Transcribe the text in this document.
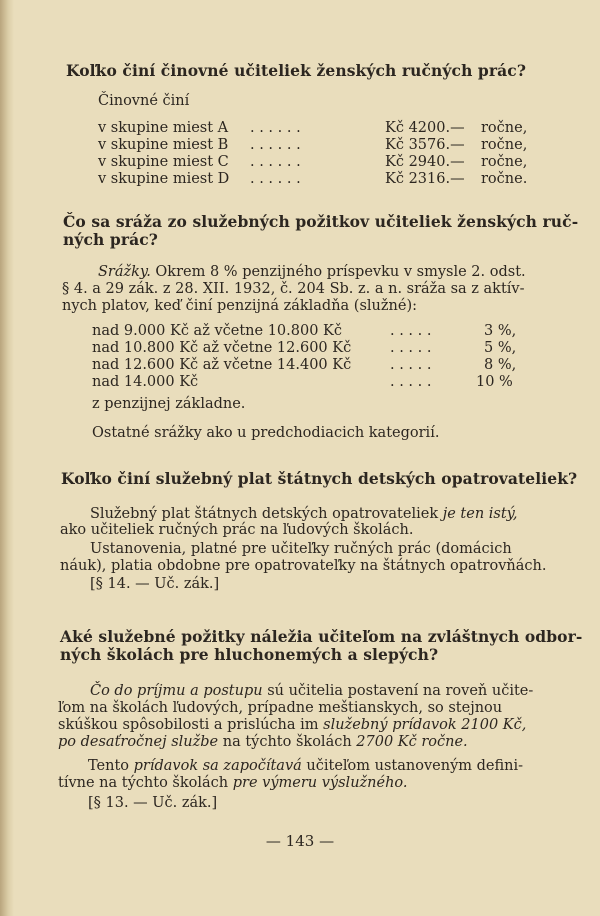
Koľko činí činovné učiteliek ženských ručných prác?
Činovné činí
v skupine miest A . . . . . .	Kč 4200.— ročne,
v skupine miest B . . . . . .	Kč 3576.— ročne,
v skupine miest C . . . . . .	Kč 2940.— ročne,
v skupine miest D . . . . . .	Kč 2316.— ročne.
Čo sa sráža zo služebných požitkov učiteliek ženských ruč-
ných prác?
Srážky. Okrem 8 % penzijného príspevku v smysle 2. odst.
§ 4. a 29 zák. z 28. XII. 1932, č. 204 Sb. z. a n. sráža sa z aktív-
nych platov, keď činí penzijná základňa (služné):
nad 9.000 Kč až včetne 10.800 Kč	. . . . .	3 %,
nad 10.800 Kč až včetne 12.600 Kč	. . . . .	5 %,
nad 12.600 Kč až včetne 14.400 Kč	. . . . .	8 %,
nad 14.000 Kč	. . . . .	10 %
z penzijnej základne.
Ostatné srážky ako u predchodiacich kategorií.
Koľko činí služebný plat štátnych detských opatrovateliek?
Služebný plat štátnych detských opatrovateliek je ten istý,
ako učiteliek ručných prác na ľudových školách.
Ustanovenia, platné pre učiteľky ručných prác (domácich
náuk), platia obdobne pre opatrovateľky na štátnych opatrovňách.
[§ 14. — Uč. zák.]
Aké služebné požitky náležia učiteľom na zvláštnych odbor-
ných školách pre hluchonemých a slepých?
Čo do príjmu a postupu sú učitelia postavení na roveň učite-
ľom na školách ľudových, prípadne meštianskych, so stejnou
skúškou spôsobilosti a prislúcha im služebný prídavok 2100 Kč,
po desaťročnej službe na týchto školách 2700 Kč ročne.
Tento prídavok sa započítavá učiteľom ustanoveným defini-
tívne na týchto školách pre výmeru výslužného.
[§ 13. — Uč. zák.]
— 143 —
